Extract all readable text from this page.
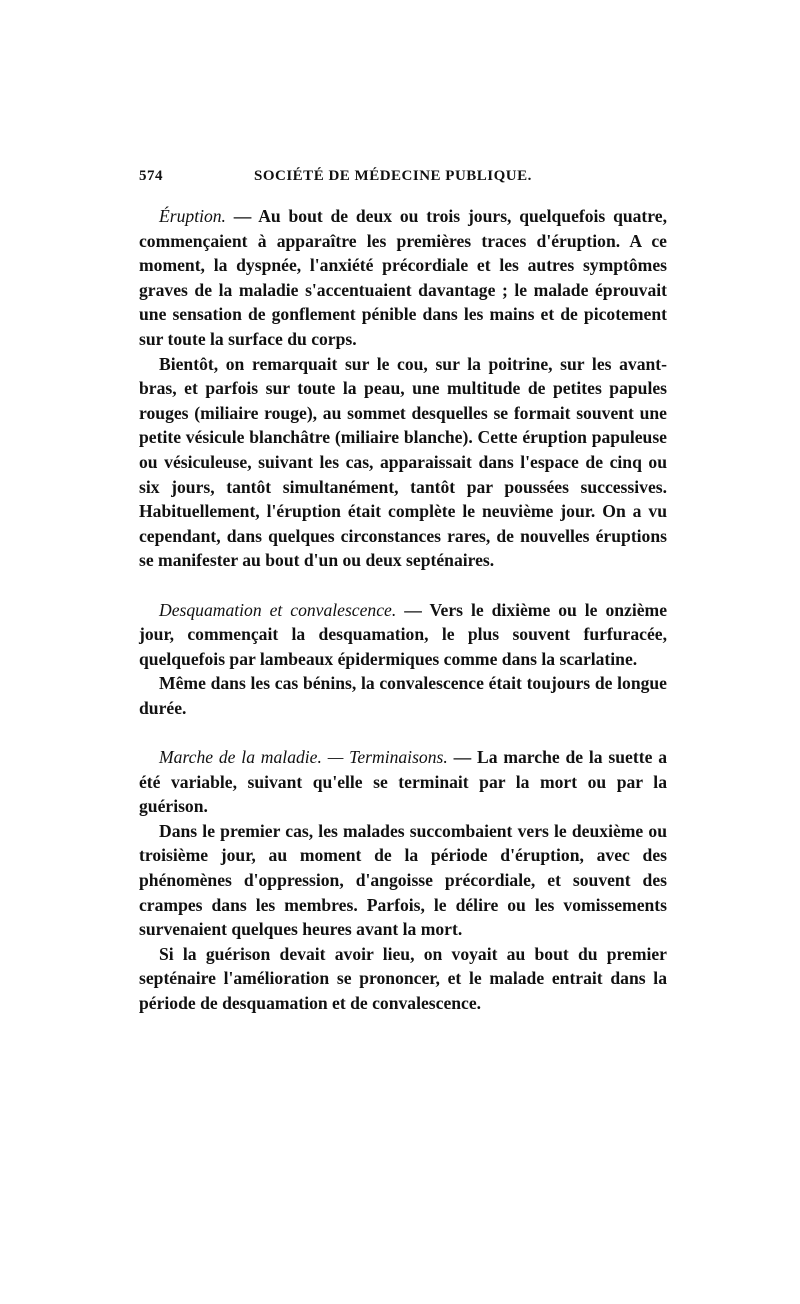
574	SOCIÉTÉ DE MÉDECINE PUBLIQUE.

Éruption. — Au bout de deux ou trois jours, quelquefois quatre, commençaient à apparaître les premières traces d'éruption. A ce moment, la dyspnée, l'anxiété précordiale et les autres symptômes graves de la maladie s'accentuaient davantage ; le malade éprouvait une sensation de gonflement pénible dans les mains et de picotement sur toute la surface du corps.

Bientôt, on remarquait sur le cou, sur la poitrine, sur les avant-bras, et parfois sur toute la peau, une multitude de petites papules rouges (miliaire rouge), au sommet desquelles se formait souvent une petite vésicule blanchâtre (miliaire blanche). Cette éruption papuleuse ou vésiculeuse, suivant les cas, apparaissait dans l'espace de cinq ou six jours, tantôt simultanément, tantôt par poussées successives. Habituellement, l'éruption était complète le neuvième jour. On a vu cependant, dans quelques circonstances rares, de nouvelles éruptions se manifester au bout d'un ou deux septénaires.

Desquamation et convalescence. — Vers le dixième ou le onzième jour, commençait la desquamation, le plus souvent furfuracée, quelquefois par lambeaux épidermiques comme dans la scarlatine.

Même dans les cas bénins, la convalescence était toujours de longue durée.

Marche de la maladie. — Terminaisons. — La marche de la suette a été variable, suivant qu'elle se terminait par la mort ou par la guérison.

Dans le premier cas, les malades succombaient vers le deuxième ou troisième jour, au moment de la période d'éruption, avec des phénomènes d'oppression, d'angoisse précordiale, et souvent des crampes dans les membres. Parfois, le délire ou les vomissements survenaient quelques heures avant la mort.

Si la guérison devait avoir lieu, on voyait au bout du premier septénaire l'amélioration se prononcer, et le malade entrait dans la période de desquamation et de convalescence.
